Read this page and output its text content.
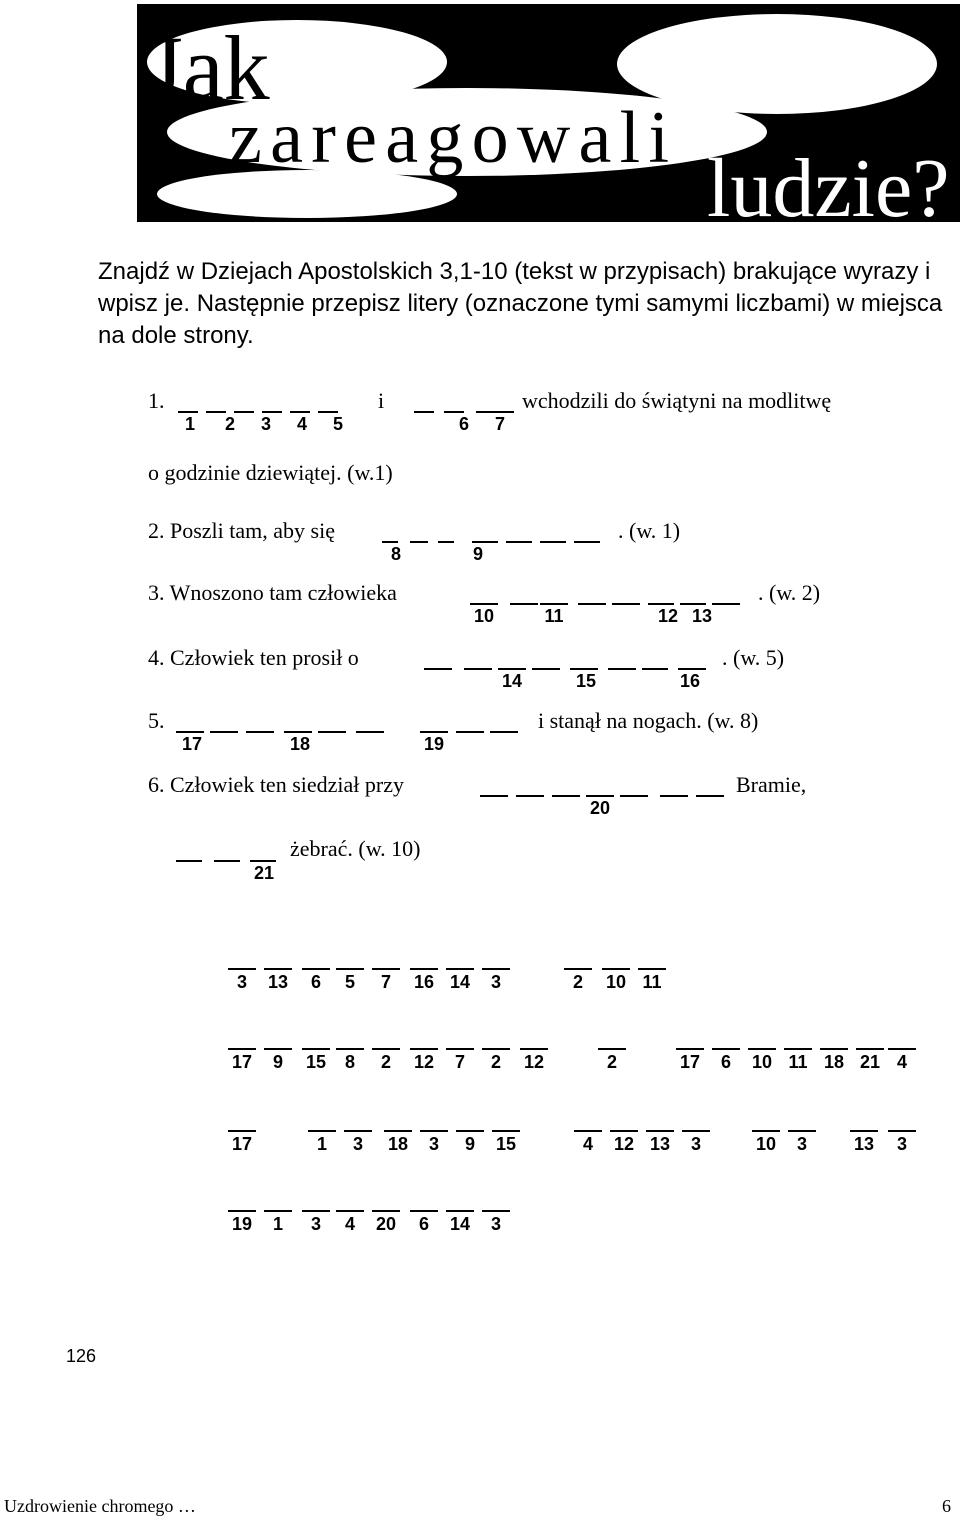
Jak
zareagowali
ludzie?
Znajdź w Dziejach Apostolskich 3,1-10 (tekst w przypisach) brakujące wyrazy i wpisz je. Następnie przepisz litery (oznaczone tymi samymi liczbami) w miejsca na dole strony.
1.	i	wchodzili do świątyni na modlitwę
o godzinie dziewiątej. (w.1)
2. Poszli tam, aby się	. (w. 1)
3. Wnoszono tam człowieka	. (w. 2)
4. Człowiek ten prosił o	. (w. 5)
5.	i stanął na nogach. (w. 8)
6. Człowiek ten siedział przy	Bramie,
żebrać. (w. 10)
1	2	3	4	5	6	7
8	9
10	11	12 13
14	15	16
17	18	19
20
21
3	13	6	5	7	16 14	3	2	10 11
17	9	15	8	2	12	7	2	12	2	17	6	10 11 18 21 4
17	1	3	18	3	9	15	4	12 13	3	10	3	13	3
19	1	3	4	20	6	14	3
126
Uzdrowienie chromego …	6
